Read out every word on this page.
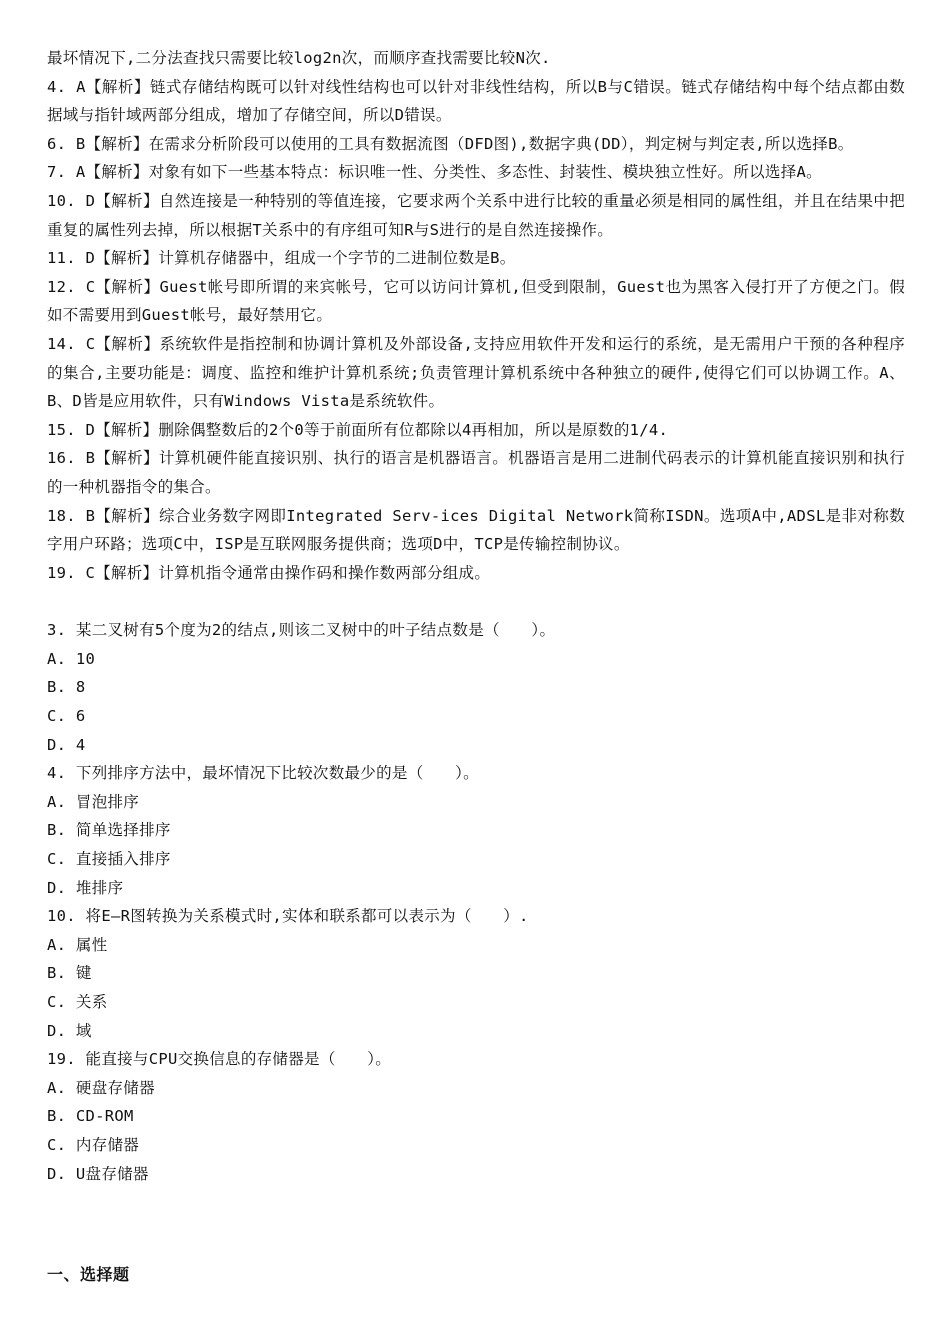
最坏情况下,二分法查找只需要比较log2n次，而顺序查找需要比较N次.

4. A【解析】链式存储结构既可以针对线性结构也可以针对非线性结构，所以B与C错误。链式存储结构中每个结点都由数据域与指针域两部分组成，增加了存储空间，所以D错误。

6. B【解析】在需求分析阶段可以使用的工具有数据流图（DFD图),数据字典(DD），判定树与判定表,所以选择B。

7. A【解析】对象有如下一些基本特点：标识唯一性、分类性、多态性、封装性、模块独立性好。所以选择A。

10. D【解析】自然连接是一种特别的等值连接，它要求两个关系中进行比较的重量必须是相同的属性组，并且在结果中把重复的属性列去掉，所以根据T关系中的有序组可知R与S进行的是自然连接操作。

11. D【解析】计算机存储器中，组成一个字节的二进制位数是B。

12. C【解析】Guest帐号即所谓的来宾帐号，它可以访问计算机,但受到限制，Guest也为黑客入侵打开了方便之门。假如不需要用到Guest帐号，最好禁用它。

14. C【解析】系统软件是指控制和协调计算机及外部设备,支持应用软件开发和运行的系统，是无需用户干预的各种程序的集合,主要功能是：调度、监控和维护计算机系统;负责管理计算机系统中各种独立的硬件,使得它们可以协调工作。A、B、D皆是应用软件，只有Windows Vista是系统软件。

15. D【解析】删除偶整数后的2个0等于前面所有位都除以4再相加，所以是原数的1/4.

16. B【解析】计算机硬件能直接识别、执行的语言是机器语言。机器语言是用二进制代码表示的计算机能直接识别和执行的一种机器指令的集合。

18. B【解析】综合业务数字网即Integrated Serv-ices Digital Network简称ISDN。选项A中,ADSL是非对称数字用户环路；选项C中，ISP是互联网服务提供商；选项D中，TCP是传输控制协议。

19. C【解析】计算机指令通常由操作码和操作数两部分组成。

3. 某二叉树有5个度为2的结点,则该二叉树中的叶子结点数是（　　）。

A. 10

B. 8

C. 6

D. 4

4. 下列排序方法中，最坏情况下比较次数最少的是（　　）。

A. 冒泡排序

B. 简单选择排序

C. 直接插入排序

D. 堆排序

10. 将E—R图转换为关系模式时,实体和联系都可以表示为（　　）.

A. 属性

B. 键

C. 关系

D. 域

19. 能直接与CPU交换信息的存储器是（　　）。

A. 硬盘存储器

B. CD-ROM

C. 内存储器

D. U盘存储器

一、选择题
